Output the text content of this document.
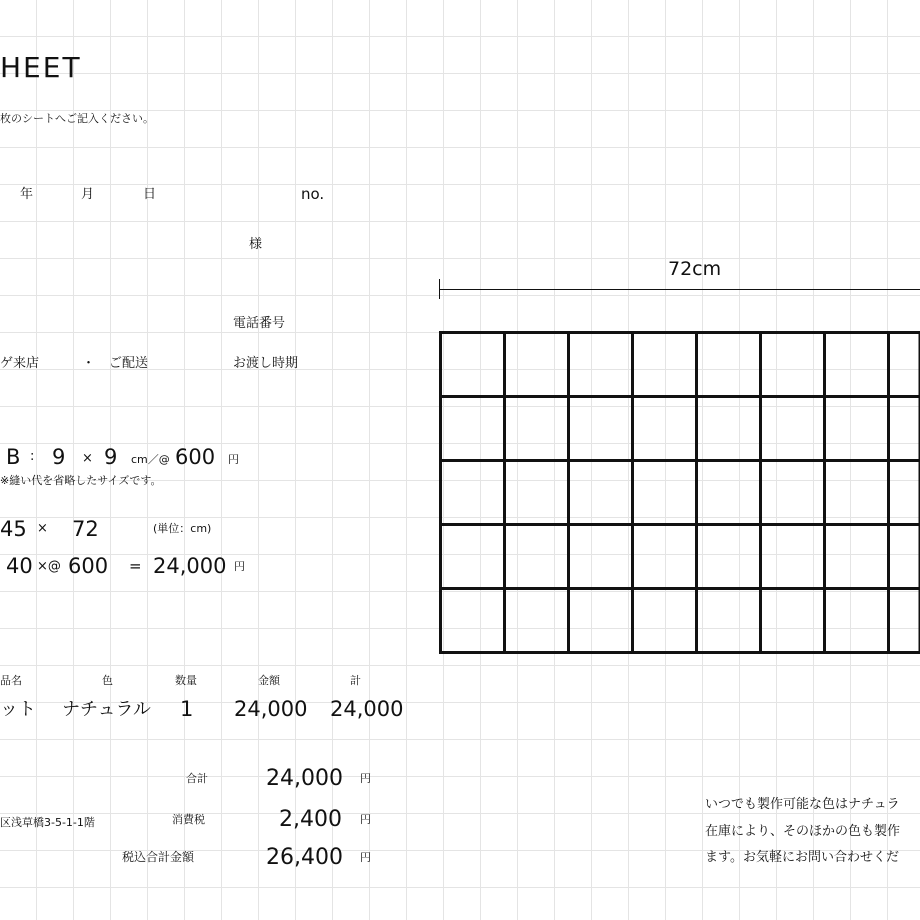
HEET
枚のシートへご記入ください。
年	月	日	no.
様
電話番号
ゲ来店	・ ご配送	お渡し時期
B : 9 × 9 cm／@ 600 円
※縫い代を省略したサイズです。
45 × 72	(単位：cm)
40 ×@ 600 = 24,000 円
品名	色	数量	金額	計
ット ナチュラル 1 24,000 24,000
合計	24,000 円
区浅草橋3-5-1-1階	消費税	2,400 円
税込合計金額	26,400 円
72cm
いつでも製作可能な色はナチュラ
在庫により、そのほかの色も製作
ます。お気軽にお問い合わせくだ
